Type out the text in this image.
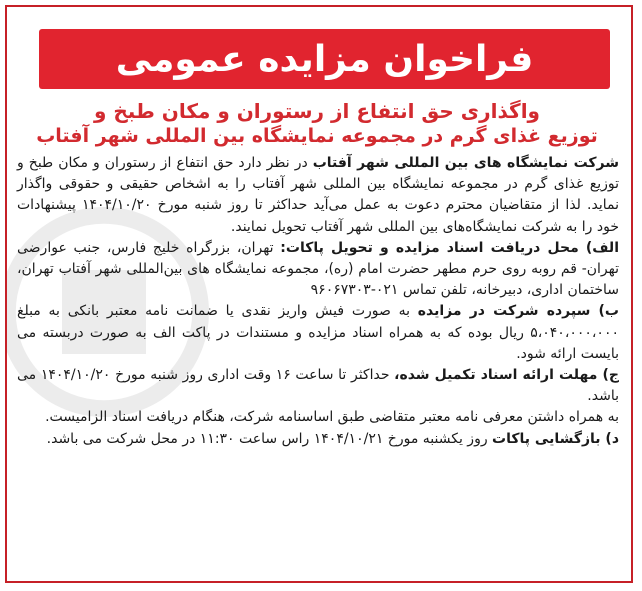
فراخوان مزایده عمومی
واگذاری حق انتفاع از رستوران و مکان طبخ و
توزیع غذای گرم در مجموعه نمایشگاه بین المللی شهر آفتاب

شرکت نمایشگاه های بین المللی شهر آفتاب در نظر دارد حق انتفاع از رستوران و مکان طبخ و توزیع غذای گرم در مجموعه نمایشگاه بین المللی شهر آفتاب را به اشخاص حقیقی و حقوقی واگذار نماید. لذا از متقاضیان محترم دعوت به عمل می‌آید حداکثر تا روز شنبه مورخ ۱۴۰۴/۱۰/۲۰ پیشنهادات خود را به شرکت نمایشگاه‌های بین المللی شهر آفتاب تحویل نمایند.

الف) محل دریافت اسناد مزایده و تحویل پاکات: تهران، بزرگراه خلیج فارس، جنب عوارضی تهران- قم روبه روی حرم مطهر حضرت امام (ره)، مجموعه نمایشگاه های بین‌المللی شهر آفتاب تهران، ساختمان اداری، دبیرخانه، تلفن تماس ۰۲۱-۹۶۰۶۷۳۰۳

ب) سپرده شرکت در مزایده به صورت فیش واریز نقدی یا ضمانت نامه معتبر بانکی به مبلغ ۵،۰۴۰،۰۰۰،۰۰۰ ریال بوده که به همراه اسناد مزایده و مستندات در پاکت الف به صورت دربسته می بایست ارائه شود.

ج) مهلت ارائه اسناد تکمیل شده، حداکثر تا ساعت ۱۶ وقت اداری روز شنبه مورخ ۱۴۰۴/۱۰/۲۰ می باشد.

به همراه داشتن معرفی نامه معتبر متقاضی طبق اساسنامه شرکت، هنگام دریافت اسناد الزامیست.

د) بازگشایی پاکات روز یکشنبه مورخ ۱۴۰۴/۱۰/۲۱ راس ساعت ۱۱:۳۰ در محل شرکت می باشد.
